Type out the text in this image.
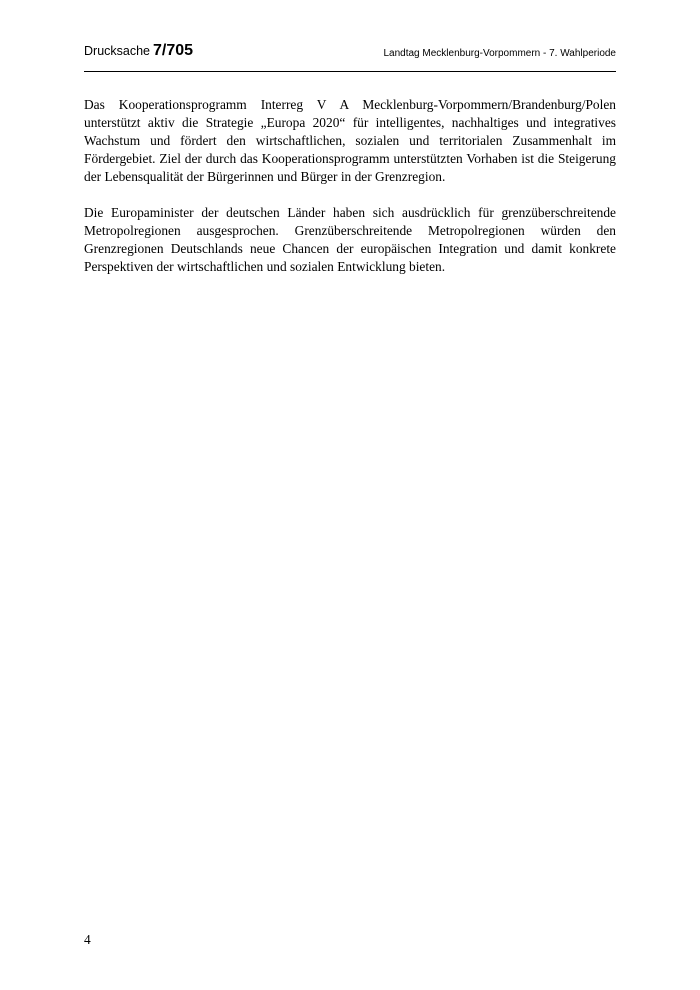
Drucksache 7/705	Landtag Mecklenburg-Vorpommern - 7. Wahlperiode

Das Kooperationsprogramm Interreg V A Mecklenburg-Vorpommern/Brandenburg/Polen unterstützt aktiv die Strategie „Europa 2020“ für intelligentes, nachhaltiges und integratives Wachstum und fördert den wirtschaftlichen, sozialen und territorialen Zusammenhalt im Fördergebiet. Ziel der durch das Kooperationsprogramm unterstützten Vorhaben ist die Steigerung der Lebensqualität der Bürgerinnen und Bürger in der Grenzregion.

Die Europaminister der deutschen Länder haben sich ausdrücklich für grenzüberschreitende Metropolregionen ausgesprochen. Grenzüberschreitende Metropolregionen würden den Grenzregionen Deutschlands neue Chancen der europäischen Integration und damit konkrete Perspektiven der wirtschaftlichen und sozialen Entwicklung bieten.

4
